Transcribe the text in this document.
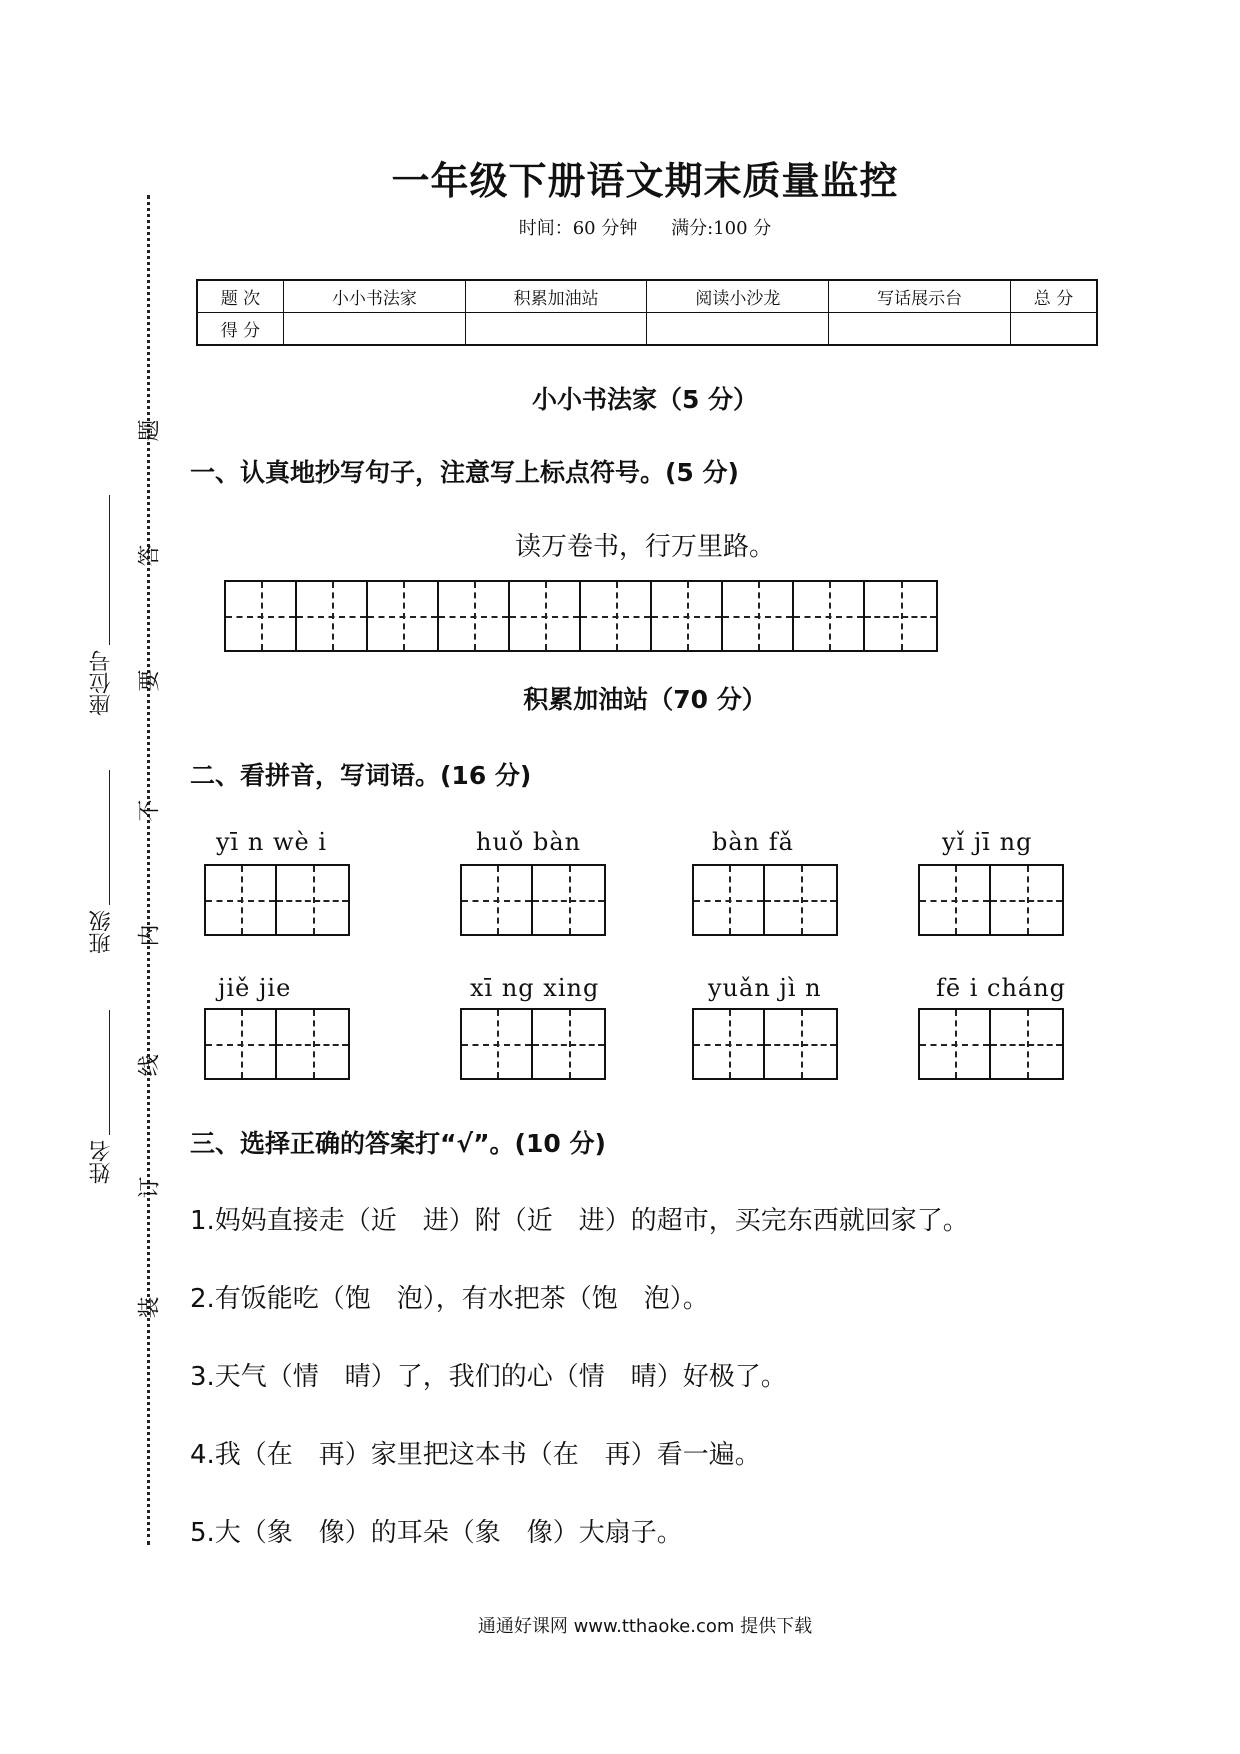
姓名
班级
座位号
装
订
线
内
不
要
答
题
一年级下册语文期末质量监控
时间：60 分钟 满分:100 分
题 次	小小书法家	积累加油站	阅读小沙龙	写话展示台	总 分
得 分					
小小书法家（5 分）
一、认真地抄写句子，注意写上标点符号。(5 分)
读万卷书，行万里路。
积累加油站（70 分）
二、看拼音，写词语。(16 分)
yī n wè i	huǒ bàn	bàn fǎ	yǐ jī ng
jiě jie	xī ng xing	yuǎn jì n	fē i cháng
三、选择正确的答案打“√”。(10 分)
1.妈妈直接走（近　进）附（近　进）的超市，买完东西就回家了。
2.有饭能吃（饱　泡），有水把茶（饱　泡）。
3.天气（情　晴）了，我们的心（情　晴）好极了。
4.我（在　再）家里把这本书（在　再）看一遍。
5.大（象　像）的耳朵（象　像）大扇子。
通通好课网 www.tthaoke.com 提供下载
